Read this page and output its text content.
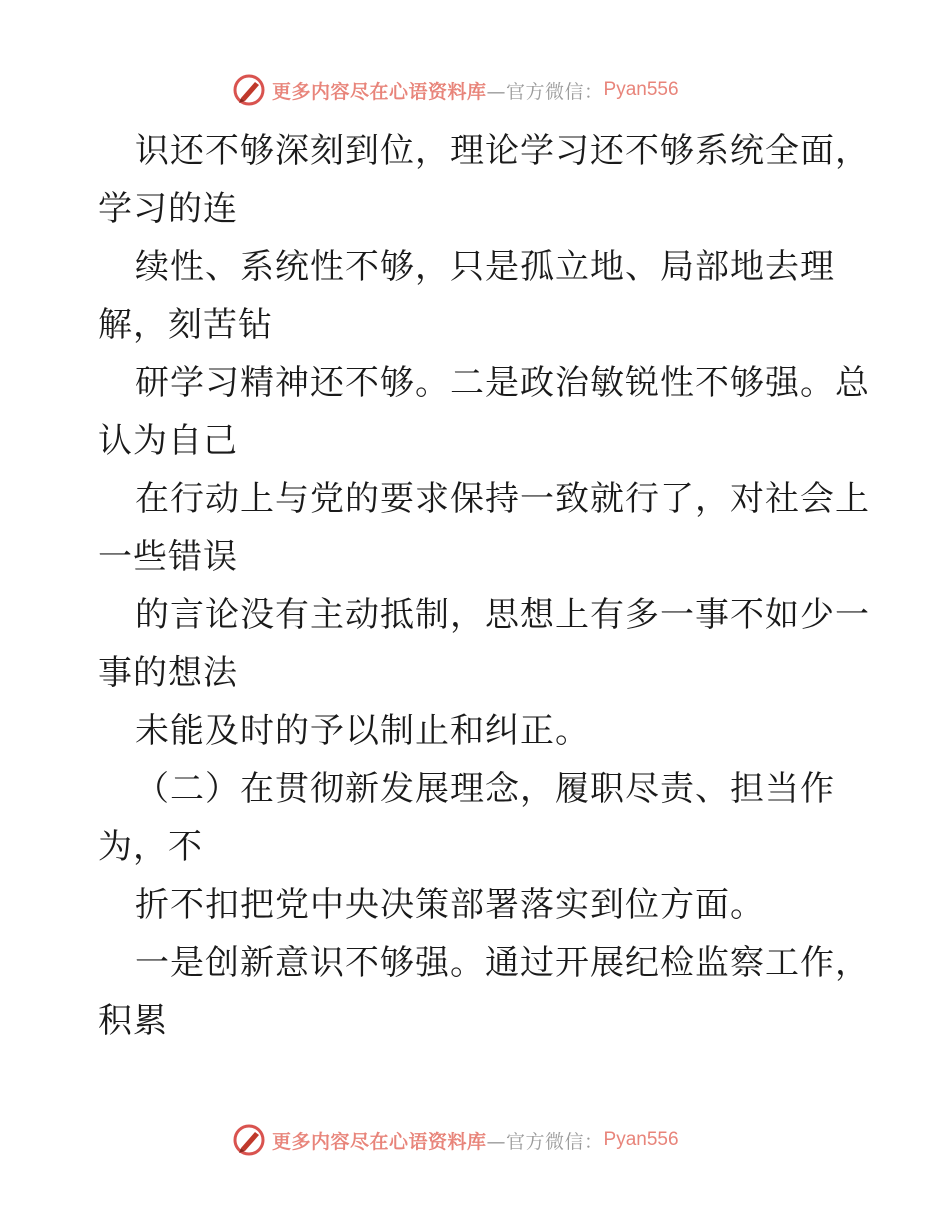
更多内容尽在心语资料库 —官方微信： Pyan556
识还不够深刻到位，理论学习还不够系统全面，
学习的连
续性、系统性不够，只是孤立地、局部地去理
解，刻苦钻
研学习精神还不够。二是政治敏锐性不够强。总
认为自己
在行动上与党的要求保持一致就行了，对社会上
一些错误
的言论没有主动抵制，思想上有多一事不如少一
事的想法
未能及时的予以制止和纠正。
（二）在贯彻新发展理念，履职尽责、担当作
为，不
折不扣把党中央决策部署落实到位方面。
一是创新意识不够强。通过开展纪检监察工作，
积累
更多内容尽在心语资料库 —官方微信： Pyan556
